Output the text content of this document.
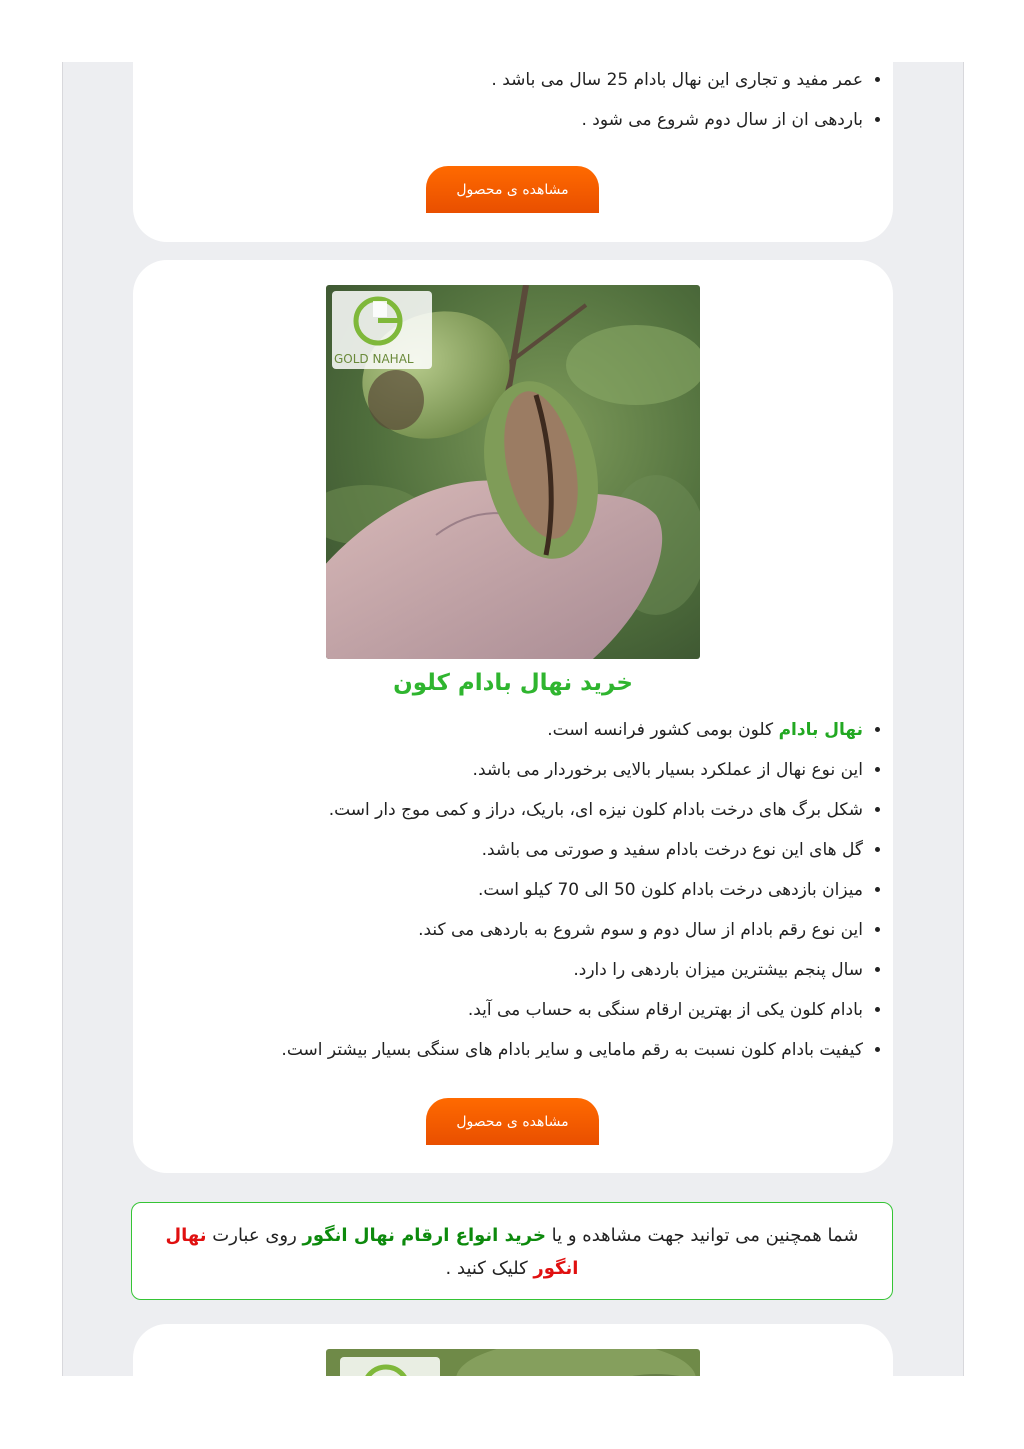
• عمر مفید و تجاری این نهال بادام 25 سال می باشد .
• باردهی ان از سال دوم شروع می شود .
مشاهده ی محصول
GOLD NAHAL
خرید نهال بادام کلون
• نهال بادام کلون بومی کشور فرانسه است.
• این نوع نهال از عملکرد بسیار بالایی برخوردار می باشد.
• شکل برگ های درخت بادام کلون نیزه ای، باریک، دراز و کمی موج دار است.
• گل های این نوع درخت بادام سفید و صورتی می باشد.
• میزان بازدهی درخت بادام کلون 50 الی 70 کیلو است.
• این نوع رقم بادام از سال دوم و سوم شروع به باردهی می کند.
• سال پنجم بیشترین میزان باردهی را دارد.
• بادام کلون یکی از بهترین ارقام سنگی به حساب می آید.
• کیفیت بادام کلون نسبت به رقم مامایی و سایر بادام های سنگی بسیار بیشتر است.
مشاهده ی محصول
شما همچنین می توانید جهت مشاهده و یا خرید انواع ارقام نهال انگور روی عبارت نهال انگور کلیک کنید .
